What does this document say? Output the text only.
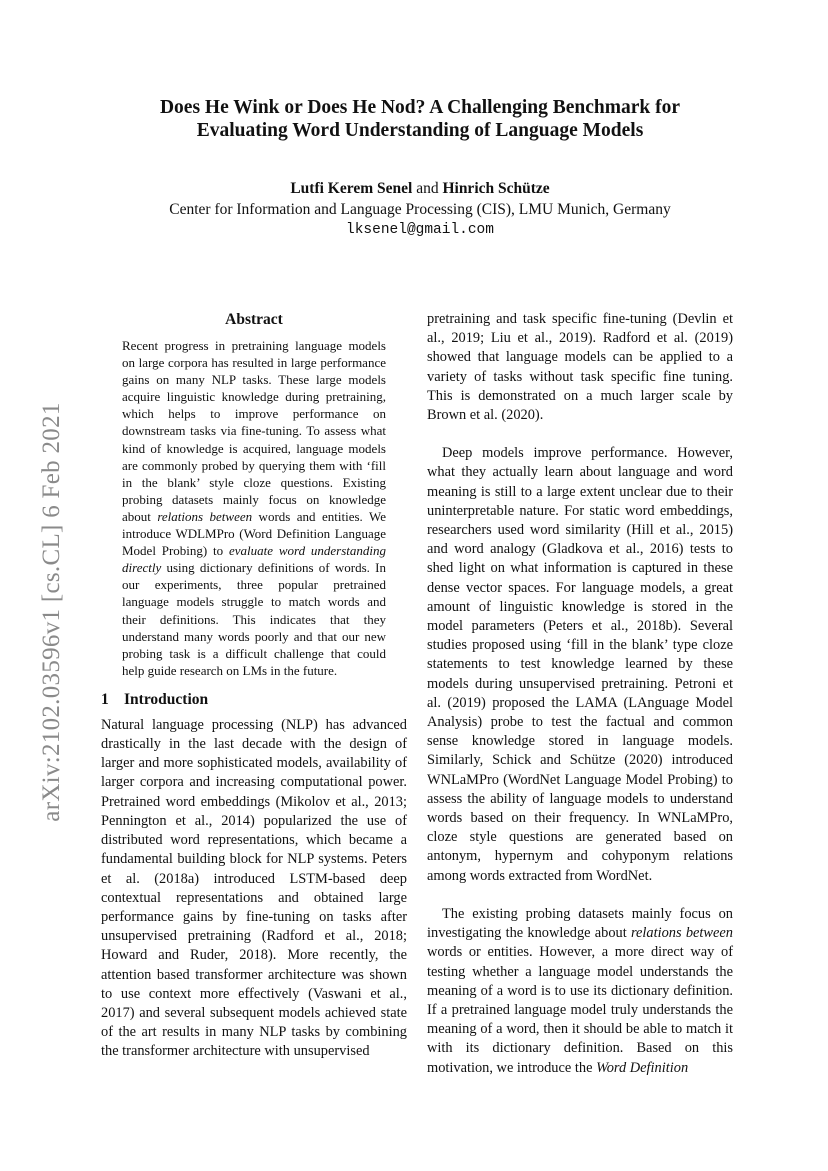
arXiv:2102.03596v1 [cs.CL] 6 Feb 2021
Does He Wink or Does He Nod? A Challenging Benchmark for
Evaluating Word Understanding of Language Models
Lutfi Kerem Senel and Hinrich Schütze
Center for Information and Language Processing (CIS), LMU Munich, Germany
lksenel@gmail.com
Abstract

Recent progress in pretraining language models on large corpora has resulted in large performance gains on many NLP tasks. These large models acquire linguistic knowledge during pretraining, which helps to improve performance on downstream tasks via fine-tuning. To assess what kind of knowledge is acquired, language models are commonly probed by querying them with ‘fill in the blank’ style cloze questions. Existing probing datasets mainly focus on knowledge about relations between words and entities. We introduce WDLMPro (Word Definition Language Model Probing) to evaluate word understanding directly using dictionary definitions of words. In our experiments, three popular pretrained language models struggle to match words and their definitions. This indicates that they understand many words poorly and that our new probing task is a difficult challenge that could help guide research on LMs in the future.

1 Introduction

Natural language processing (NLP) has advanced drastically in the last decade with the design of larger and more sophisticated models, availability of larger corpora and increasing computational power. Pretrained word embeddings (Mikolov et al., 2013; Pennington et al., 2014) popularized the use of distributed word representations, which became a fundamental building block for NLP systems. Peters et al. (2018a) introduced LSTM-based deep contextual representations and obtained large performance gains by fine-tuning on tasks after unsupervised pretraining (Radford et al., 2018; Howard and Ruder, 2018). More recently, the attention based transformer architecture was shown to use context more effectively (Vaswani et al., 2017) and several subsequent models achieved state of the art results in many NLP tasks by combining the transformer architecture with unsupervised

pretraining and task specific fine-tuning (Devlin et al., 2019; Liu et al., 2019). Radford et al. (2019) showed that language models can be applied to a variety of tasks without task specific fine tuning. This is demonstrated on a much larger scale by Brown et al. (2020).

Deep models improve performance. However, what they actually learn about language and word meaning is still to a large extent unclear due to their uninterpretable nature. For static word embeddings, researchers used word similarity (Hill et al., 2015) and word analogy (Gladkova et al., 2016) tests to shed light on what information is captured in these dense vector spaces. For language models, a great amount of linguistic knowledge is stored in the model parameters (Peters et al., 2018b). Several studies proposed using ‘fill in the blank’ type cloze statements to test knowledge learned by these models during unsupervised pretraining. Petroni et al. (2019) proposed the LAMA (LAnguage Model Analysis) probe to test the factual and common sense knowledge stored in language models. Similarly, Schick and Schütze (2020) introduced WNLaMPro (WordNet Language Model Probing) to assess the ability of language models to understand words based on their frequency. In WNLaMPro, cloze style questions are generated based on antonym, hypernym and cohyponym relations among words extracted from WordNet.

The existing probing datasets mainly focus on investigating the knowledge about relations between words or entities. However, a more direct way of testing whether a language model understands the meaning of a word is to use its dictionary definition. If a pretrained language model truly understands the meaning of a word, then it should be able to match it with its dictionary definition. Based on this motivation, we introduce the Word Definition
